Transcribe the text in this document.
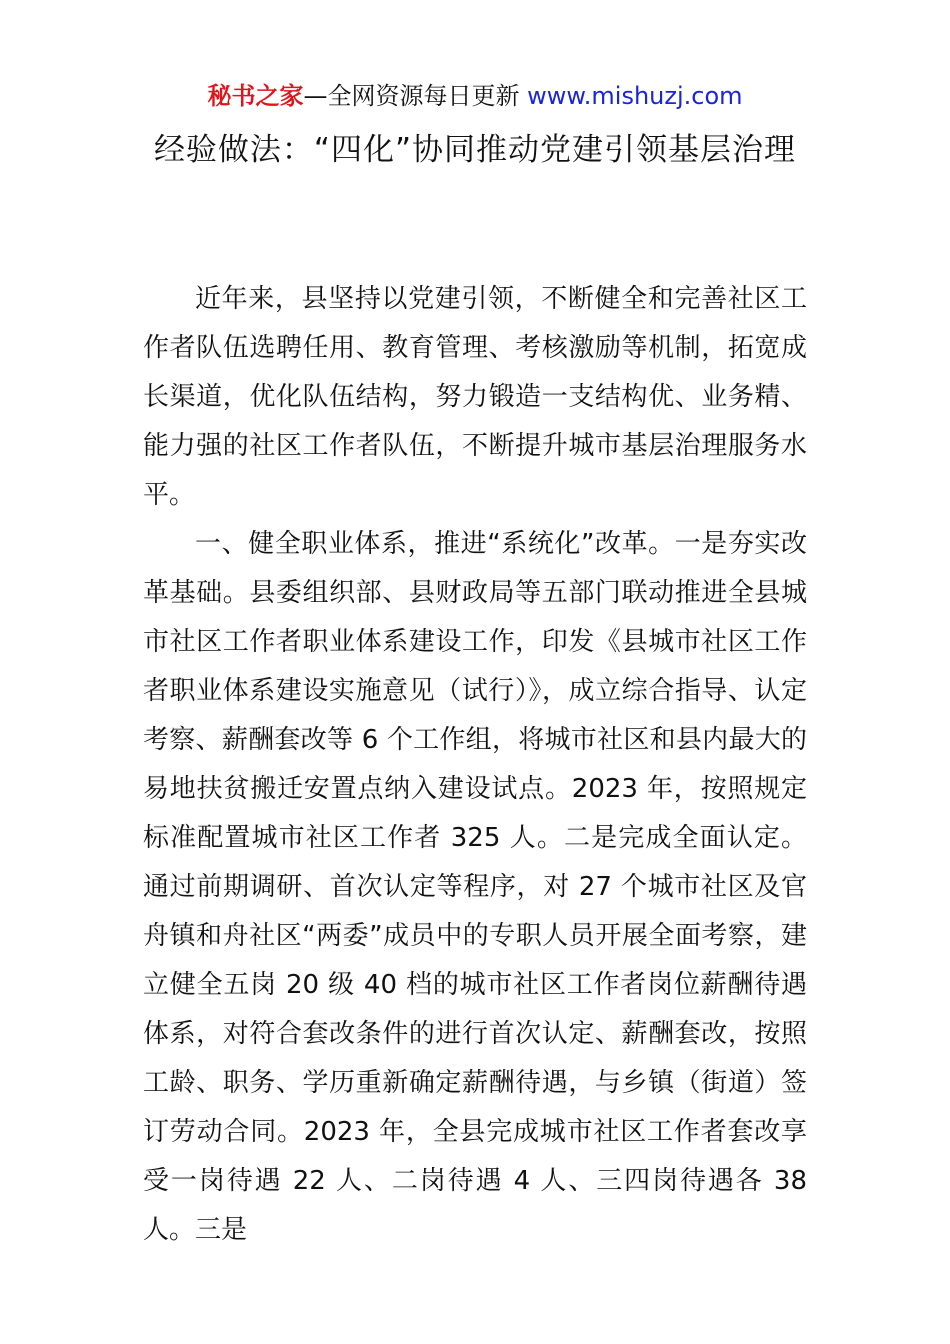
秘书之家—全网资源每日更新 www.mishuzj.com
经验做法：“四化”协同推动党建引领基层治理

近年来，县坚持以党建引领，不断健全和完善社区工作者队伍选聘任用、教育管理、考核激励等机制，拓宽成长渠道，优化队伍结构，努力锻造一支结构优、业务精、能力强的社区工作者队伍，不断提升城市基层治理服务水平。

一、健全职业体系，推进“系统化”改革。一是夯实改革基础。县委组织部、县财政局等五部门联动推进全县城市社区工作者职业体系建设工作，印发《县城市社区工作者职业体系建设实施意见（试行）》，成立综合指导、认定考察、薪酬套改等 6 个工作组，将城市社区和县内最大的易地扶贫搬迁安置点纳入建设试点。2023 年，按照规定标准配置城市社区工作者 325 人。二是完成全面认定。通过前期调研、首次认定等程序，对 27 个城市社区及官舟镇和舟社区“两委”成员中的专职人员开展全面考察，建立健全五岗 20 级 40 档的城市社区工作者岗位薪酬待遇体系，对符合套改条件的进行首次认定、薪酬套改，按照工龄、职务、学历重新确定薪酬待遇，与乡镇（街道）签订劳动合同。2023 年，全县完成城市社区工作者套改享受一岗待遇 22 人、二岗待遇 4 人、三四岗待遇各 38 人。三是
